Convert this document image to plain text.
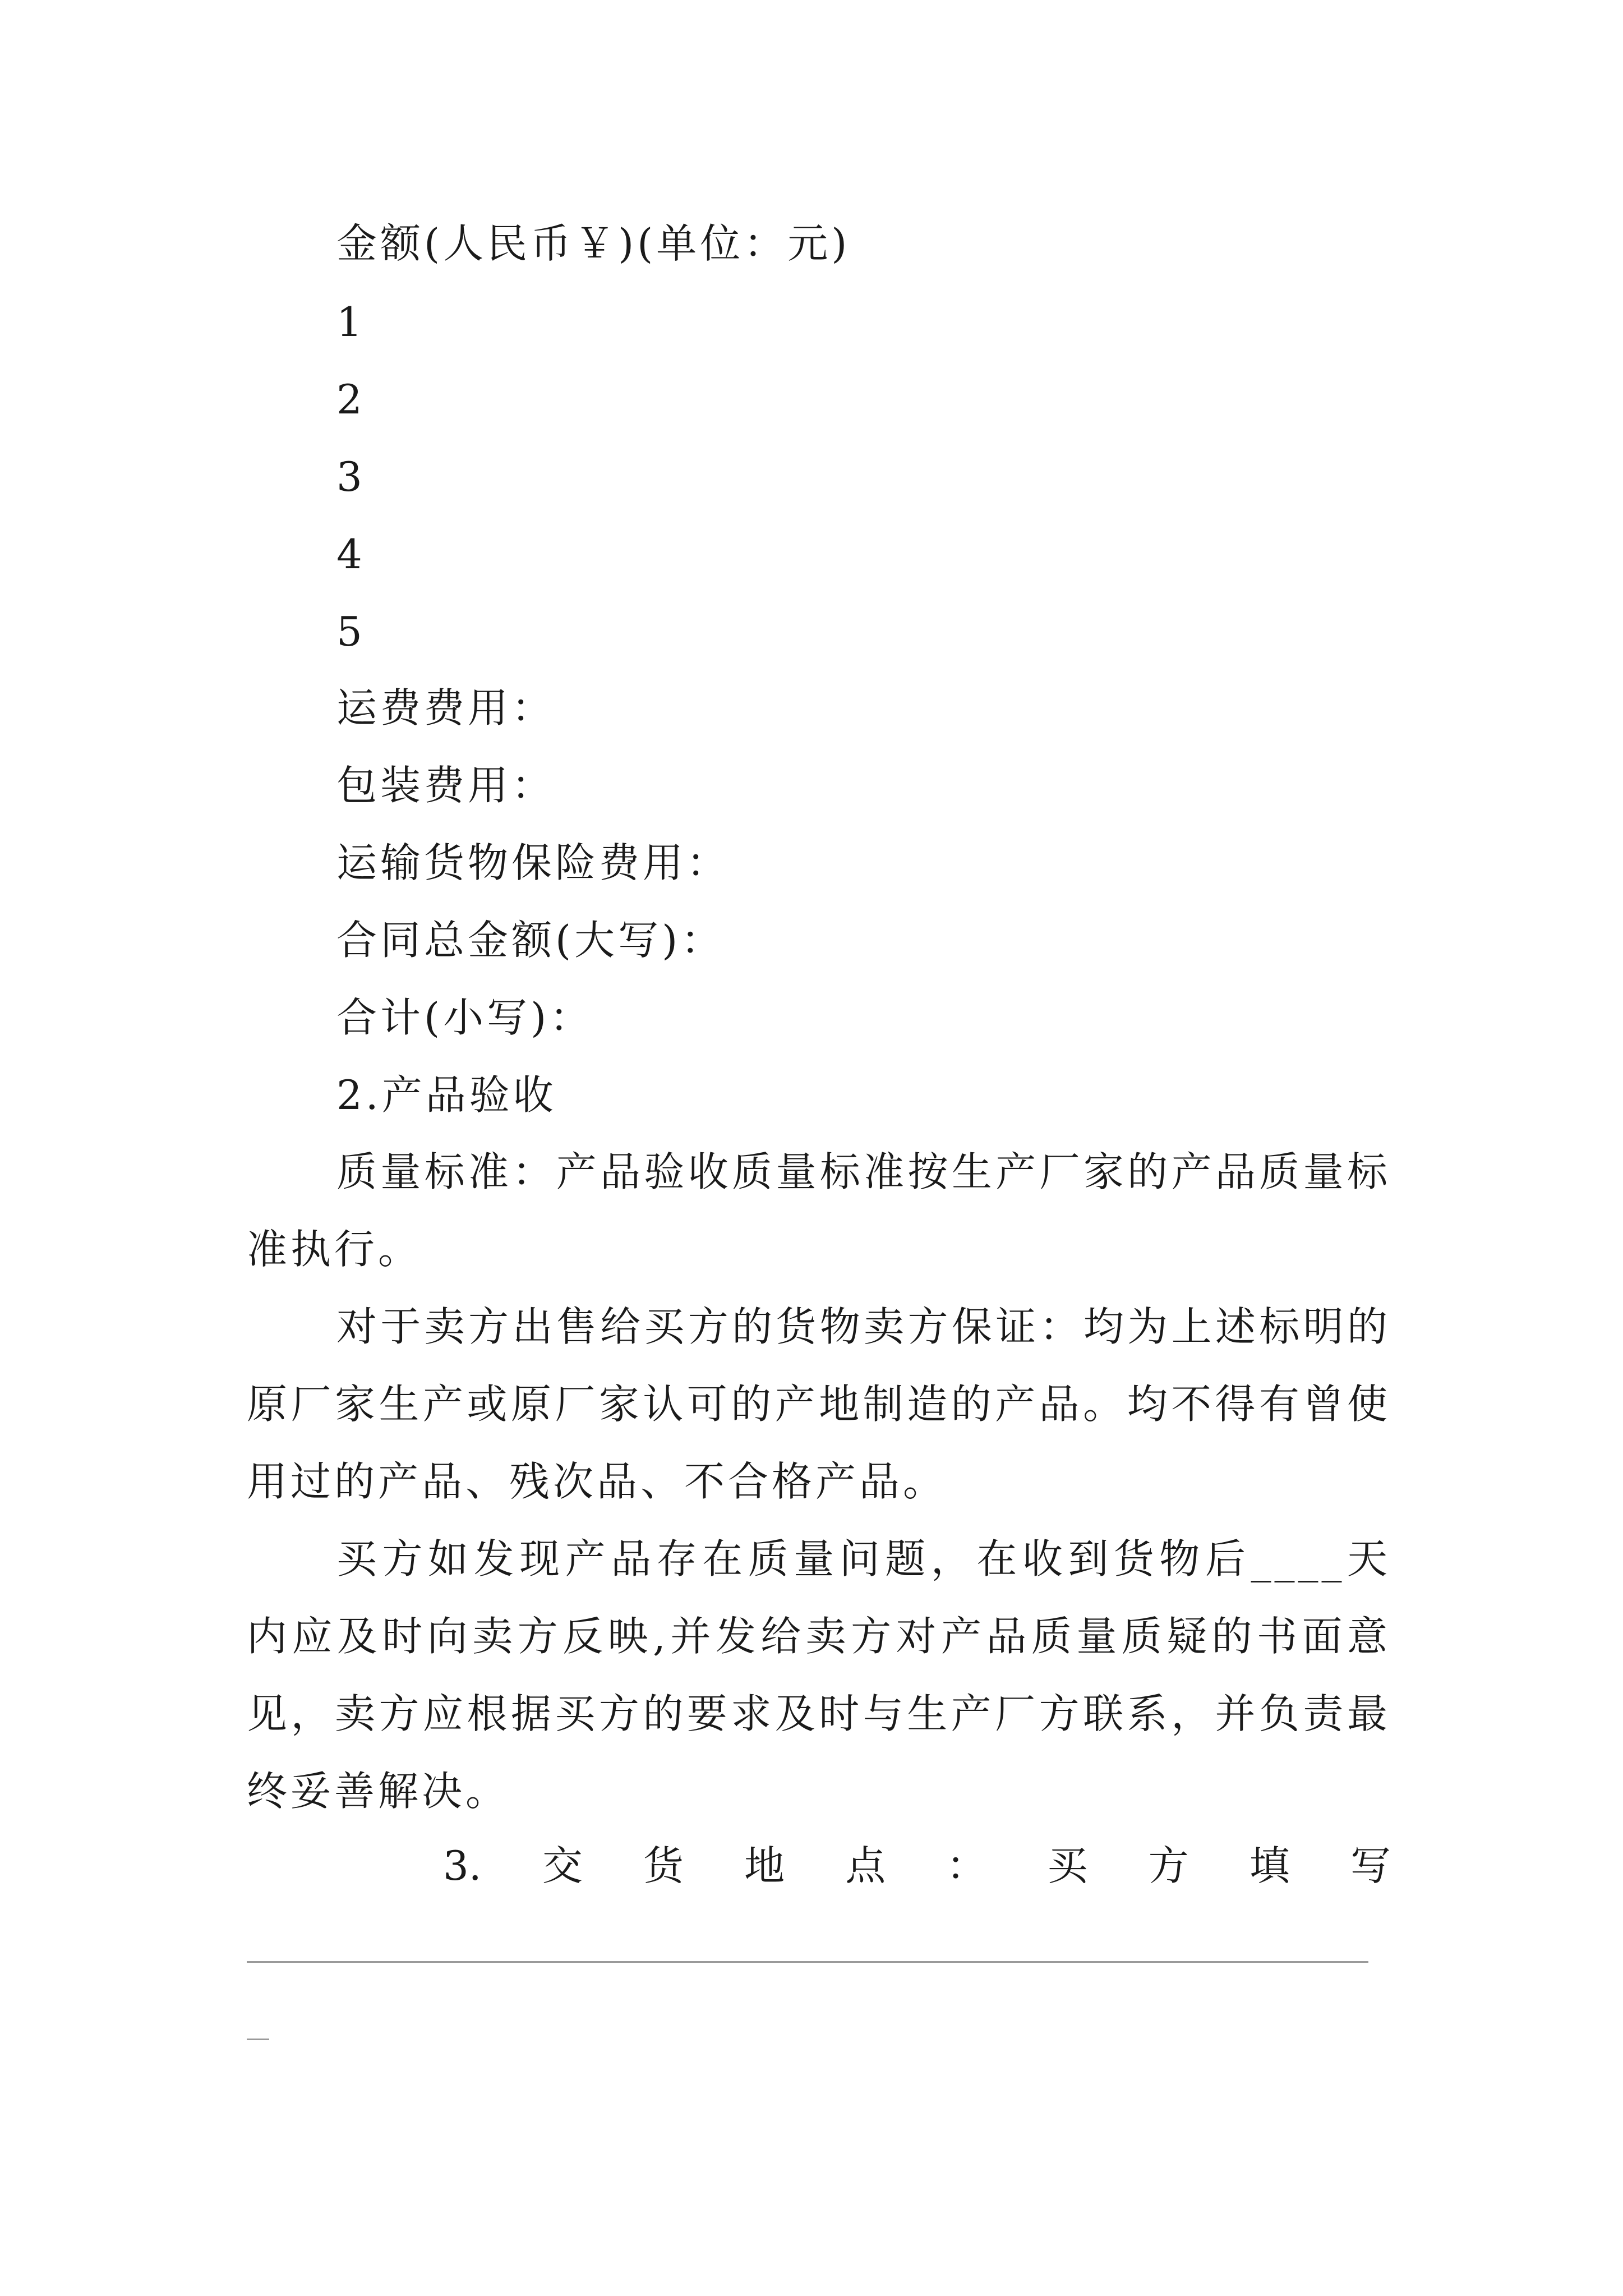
金额(人民币￥)(单位：元)
1
2
3
4
5
运费费用：
包装费用：
运输货物保险费用：
合同总金额(大写)：
合计(小写)：
2.产品验收
质量标准：产品验收质量标准按生产厂家的产品质量标准执行。
对于卖方出售给买方的货物卖方保证：均为上述标明的原厂家生产或原厂家认可的产地制造的产品。均不得有曾使用过的产品、残次品、不合格产品。
买方如发现产品存在质量问题，在收到货物后____天内应及时向卖方反映,并发给卖方对产品质量质疑的书面意见，卖方应根据买方的要求及时与生产厂方联系，并负责最终妥善解决。
3. 交 货 地 点 ： 买 方 填 写
